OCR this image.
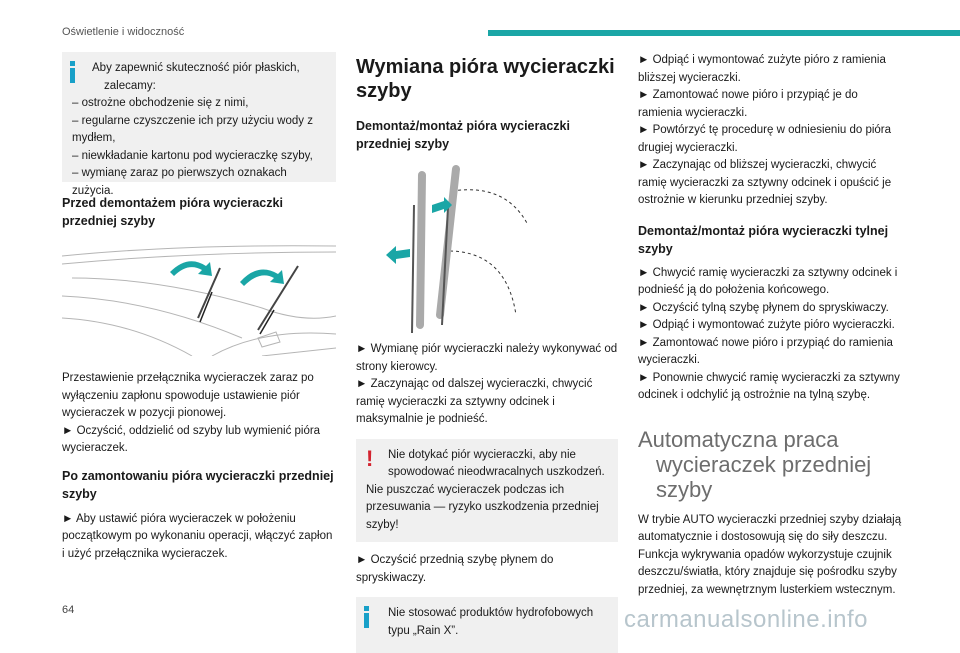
Oświetlenie i widoczność

Aby zapewnić skuteczność piór płaskich,

zalecamy:

– ostrożne obchodzenie się z nimi,

– regularne czyszczenie ich przy użyciu wody z mydłem,

– niewkładanie kartonu pod wycieraczkę szyby,

– wymianę zaraz po pierwszych oznakach zużycia.

Przed demontażem pióra wycieraczki przedniej szyby

Przestawienie przełącznika wycieraczek zaraz po wyłączeniu zapłonu spowoduje ustawienie piór wycieraczek w pozycji pionowej.

► Oczyścić, oddzielić od szyby lub wymienić pióra wycieraczek.

Po zamontowaniu pióra wycieraczki przedniej szyby

► Aby ustawić pióra wycieraczek w położeniu początkowym po wykonaniu operacji, włączyć zapłon i użyć przełącznika wycieraczek.

Wymiana pióra wycieraczki szyby

Demontaż/montaż pióra wycieraczki przedniej szyby

► Wymianę piór wycieraczki należy wykonywać od strony kierowcy.

► Zaczynając od dalszej wycieraczki, chwycić ramię wycieraczki za sztywny odcinek i maksymalnie je podnieść.

!	Nie dotykać piór wycieraczki, aby nie spowodować nieodwracalnych uszkodzeń.

Nie puszczać wycieraczek podczas ich przesuwania — ryzyko uszkodzenia przedniej szyby!

► Oczyścić przednią szybę płynem do spryskiwaczy.

Nie stosować produktów hydrofobowych typu „Rain X”.

► Odpiąć i wymontować zużyte pióro z ramienia bliższej wycieraczki.

► Zamontować nowe pióro i przypiąć je do ramienia wycieraczki.

► Powtórzyć tę procedurę w odniesieniu do pióra drugiej wycieraczki.

► Zaczynając od bliższej wycieraczki, chwycić ramię wycieraczki za sztywny odcinek i opuścić je ostrożnie w kierunku przedniej szyby.

Demontaż/montaż pióra wycieraczki tylnej szyby

► Chwycić ramię wycieraczki za sztywny odcinek i podnieść ją do położenia końcowego.

► Oczyścić tylną szybę płynem do spryskiwaczy.

► Odpiąć i wymontować zużyte pióro wycieraczki.

► Zamontować nowe pióro i przypiąć do ramienia wycieraczki.

► Ponownie chwycić ramię wycieraczki za sztywny odcinek i odchylić ją ostrożnie na tylną szybę.

Automatyczna praca
wycieraczek przedniej szyby

W trybie AUTO wycieraczki przedniej szyby działają automatycznie i dostosowują się do siły deszczu. Funkcja wykrywania opadów wykorzystuje czujnik deszczu/światła, który znajduje się pośrodku szyby przedniej, za wewnętrznym lusterkiem wstecznym.

64	carmanualsonline.info
